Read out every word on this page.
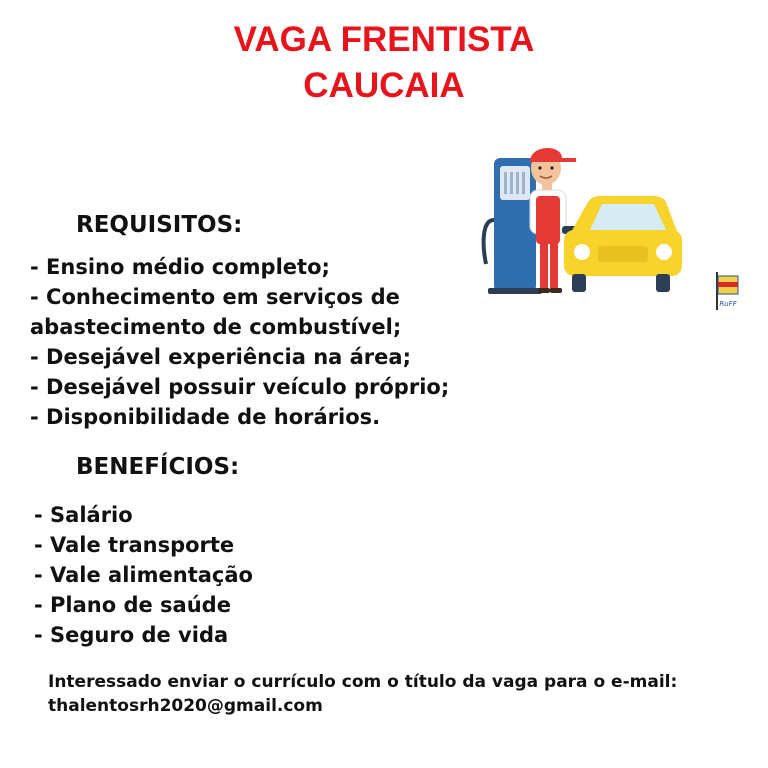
VAGA FRENTISTA
CAUCAIA
REQUISITOS:
- Ensino médio completo;
- Conhecimento em serviços de
abastecimento de combustível;
- Desejável experiência na área;
- Desejável possuir veículo próprio;
- Disponibilidade de horários.
BENEFÍCIOS:
- Salário
- Vale transporte
- Vale alimentação
- Plano de saúde
- Seguro de vida

Interessado enviar o currículo com o título da vaga para o e-mail: thalentosrh2020@gmail.com

RuFF
